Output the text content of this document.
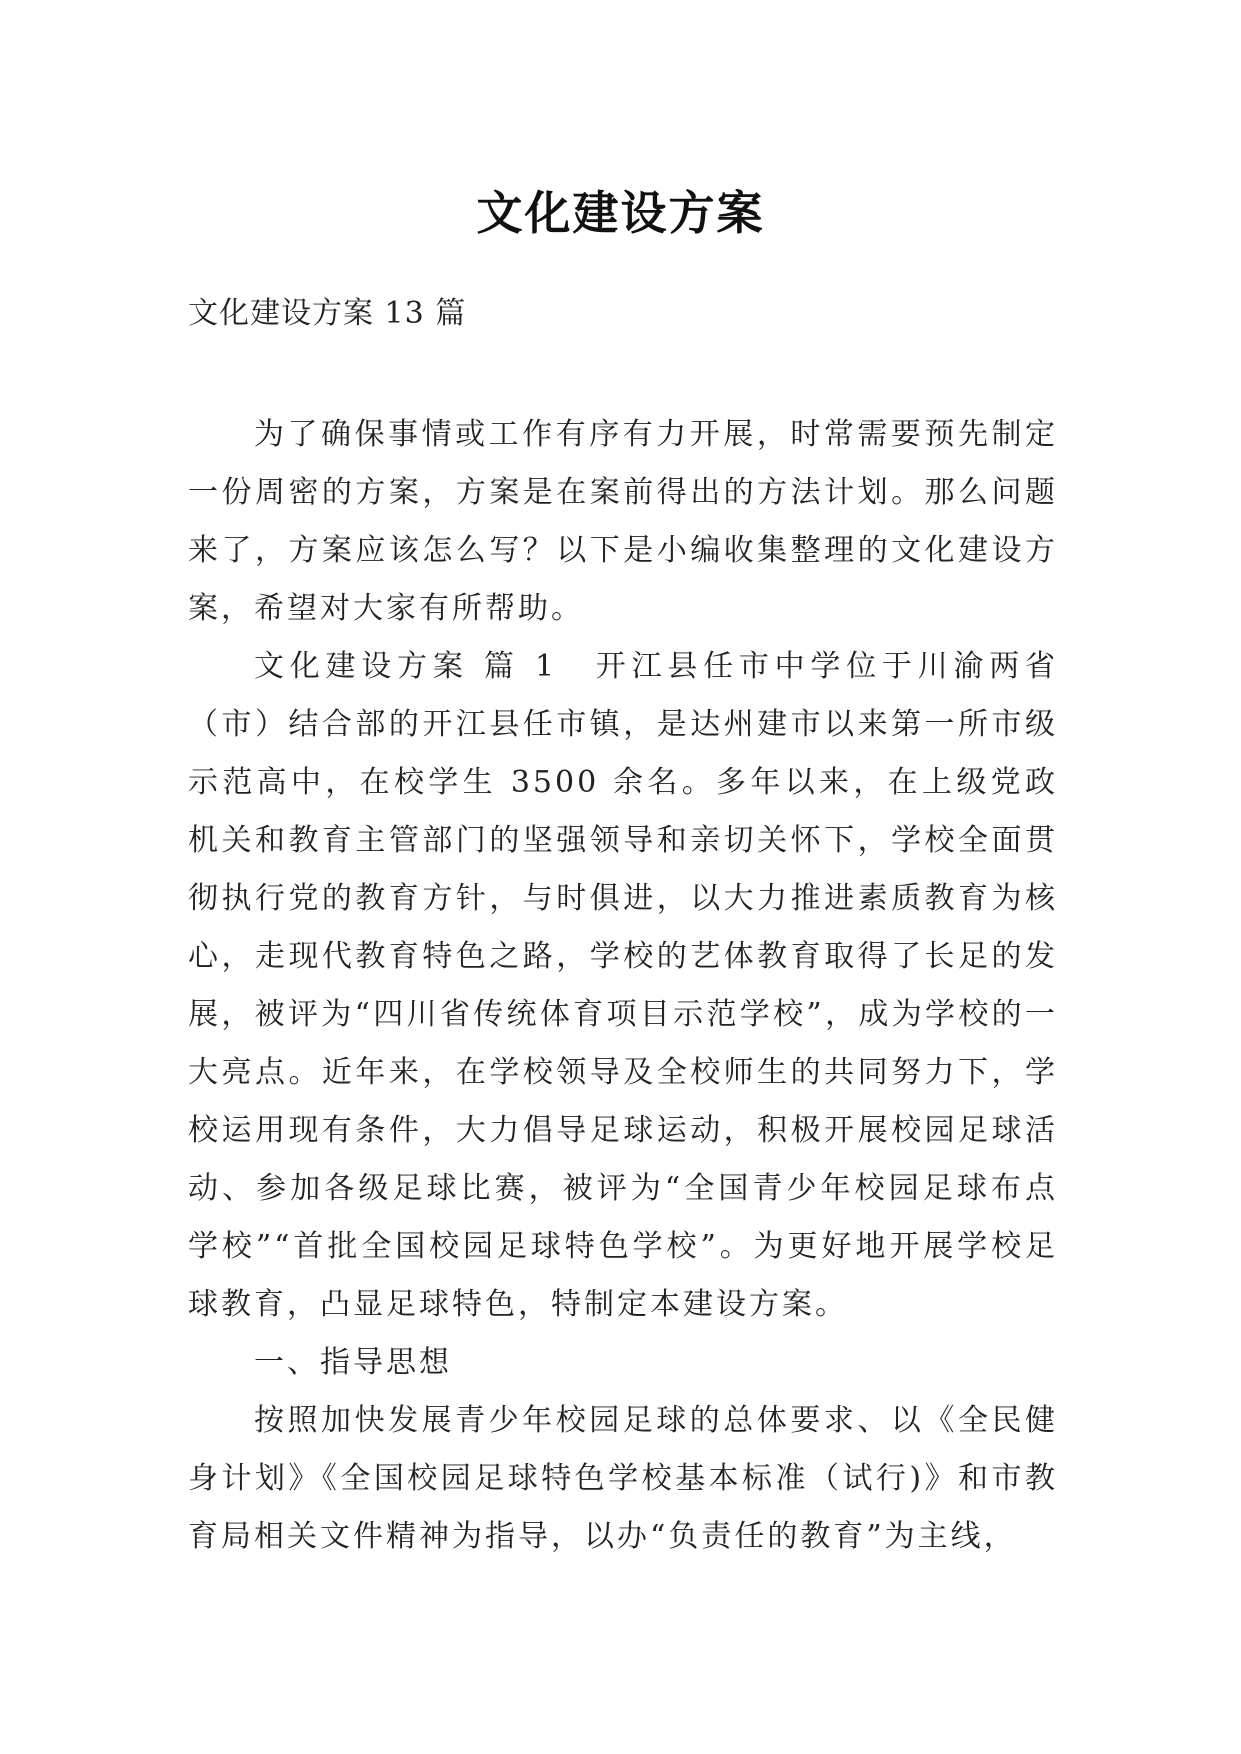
文化建设方案
文化建设方案 13 篇

为了确保事情或工作有序有力开展，时常需要预先制定一份周密的方案，方案是在案前得出的方法计划。那么问题来了，方案应该怎么写？以下是小编收集整理的文化建设方案，希望对大家有所帮助。

文化建设方案 篇 1 开江县任市中学位于川渝两省（市）结合部的开江县任市镇，是达州建市以来第一所市级示范高中，在校学生 3500 余名。多年以来，在上级党政机关和教育主管部门的坚强领导和亲切关怀下，学校全面贯彻执行党的教育方针，与时俱进，以大力推进素质教育为核心，走现代教育特色之路，学校的艺体教育取得了长足的发展，被评为“四川省传统体育项目示范学校”，成为学校的一大亮点。近年来，在学校领导及全校师生的共同努力下，学校运用现有条件，大力倡导足球运动，积极开展校园足球活动、参加各级足球比赛，被评为“全国青少年校园足球布点学校”“首批全国校园足球特色学校”。为更好地开展学校足球教育，凸显足球特色，特制定本建设方案。

一、指导思想

按照加快发展青少年校园足球的总体要求、以《全民健身计划》《全国校园足球特色学校基本标准（试行)》和市教育局相关文件精神为指导，以办“负责任的教育”为主线，
